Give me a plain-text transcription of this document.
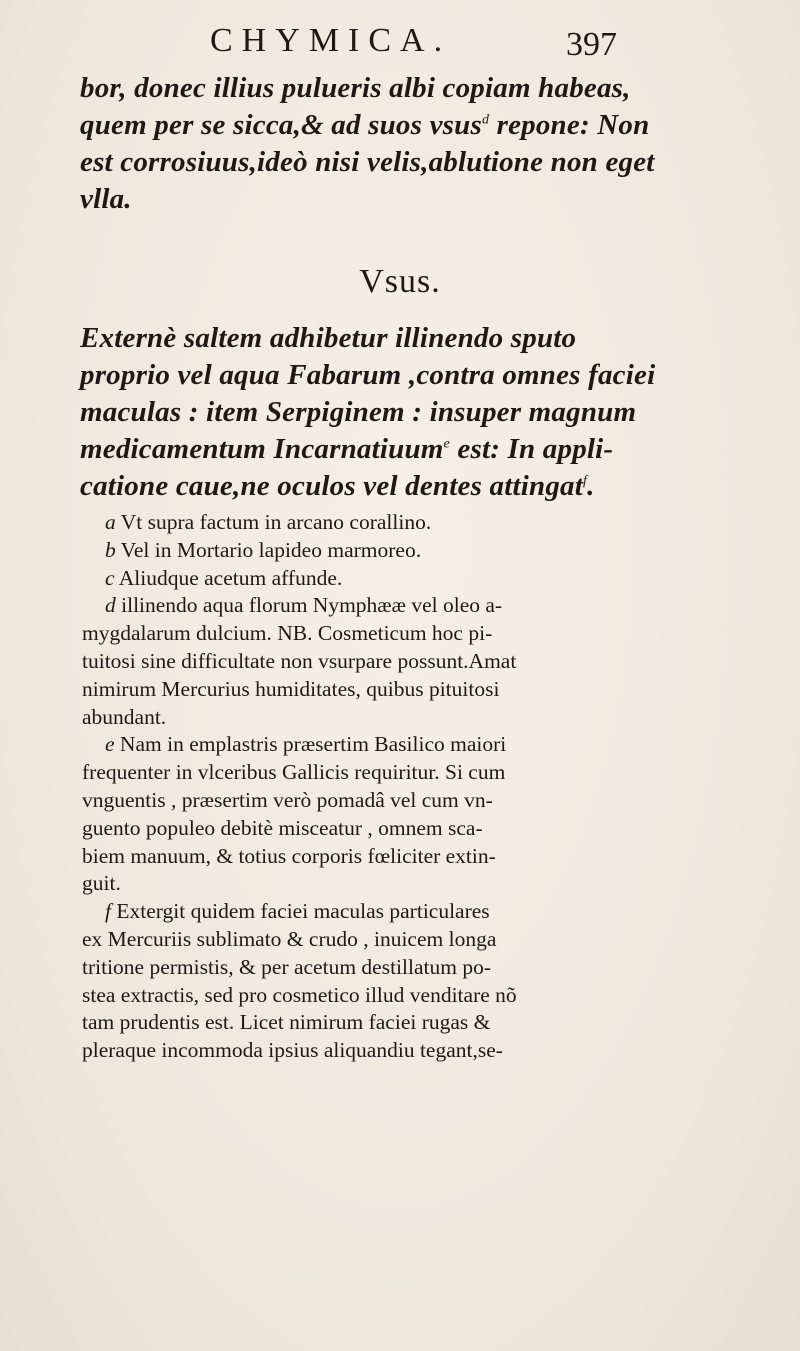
CHYMICA.	397
bor, donec illius pulueris albi copiam habeas,
quem per se sicca,& ad suos vsus$^d$ repone: Non
est corrosiuus,ideò nisi velis,ablutione non eget
vlla.
Vsus.
Externè saltem adhibetur illinendo sputo
proprio vel aqua Fabarum ,contra omnes faciei
maculas : item Serpiginem : insuper magnum
medicamentum Incarnatiuum$^e$ est: In appli-
catione caue,ne oculos vel dentes attingat$^f$.
a Vt supra factum in arcano corallino.
b Vel in Mortario lapideo marmoreo.
c Aliudque acetum affunde.
d illinendo aqua florum Nymphææ vel oleo a-
mygdalarum dulcium. NB. Cosmeticum hoc pi-
tuitosi sine difficultate non vsurpare possunt.Amat
nimirum Mercurius humiditates, quibus pituitosi
abundant.
e Nam in emplastris præsertim Basilico maiori
frequenter in vlceribus Gallicis requiritur. Si cum
vnguentis , præsertim verò pomadâ vel cum vn-
guento populeo debitè misceatur , omnem sca-
biem manuum, & totius corporis fœliciter extin-
guit.
f Extergit quidem faciei maculas particulares
ex Mercuriis sublimato & crudo , inuicem longa
tritione permistis, & per acetum destillatum po-
stea extractis, sed pro cosmetico illud venditare nõ
tam prudentis est. Licet nimirum faciei rugas &
pleraque incommoda ipsius aliquandiu tegant,se-
